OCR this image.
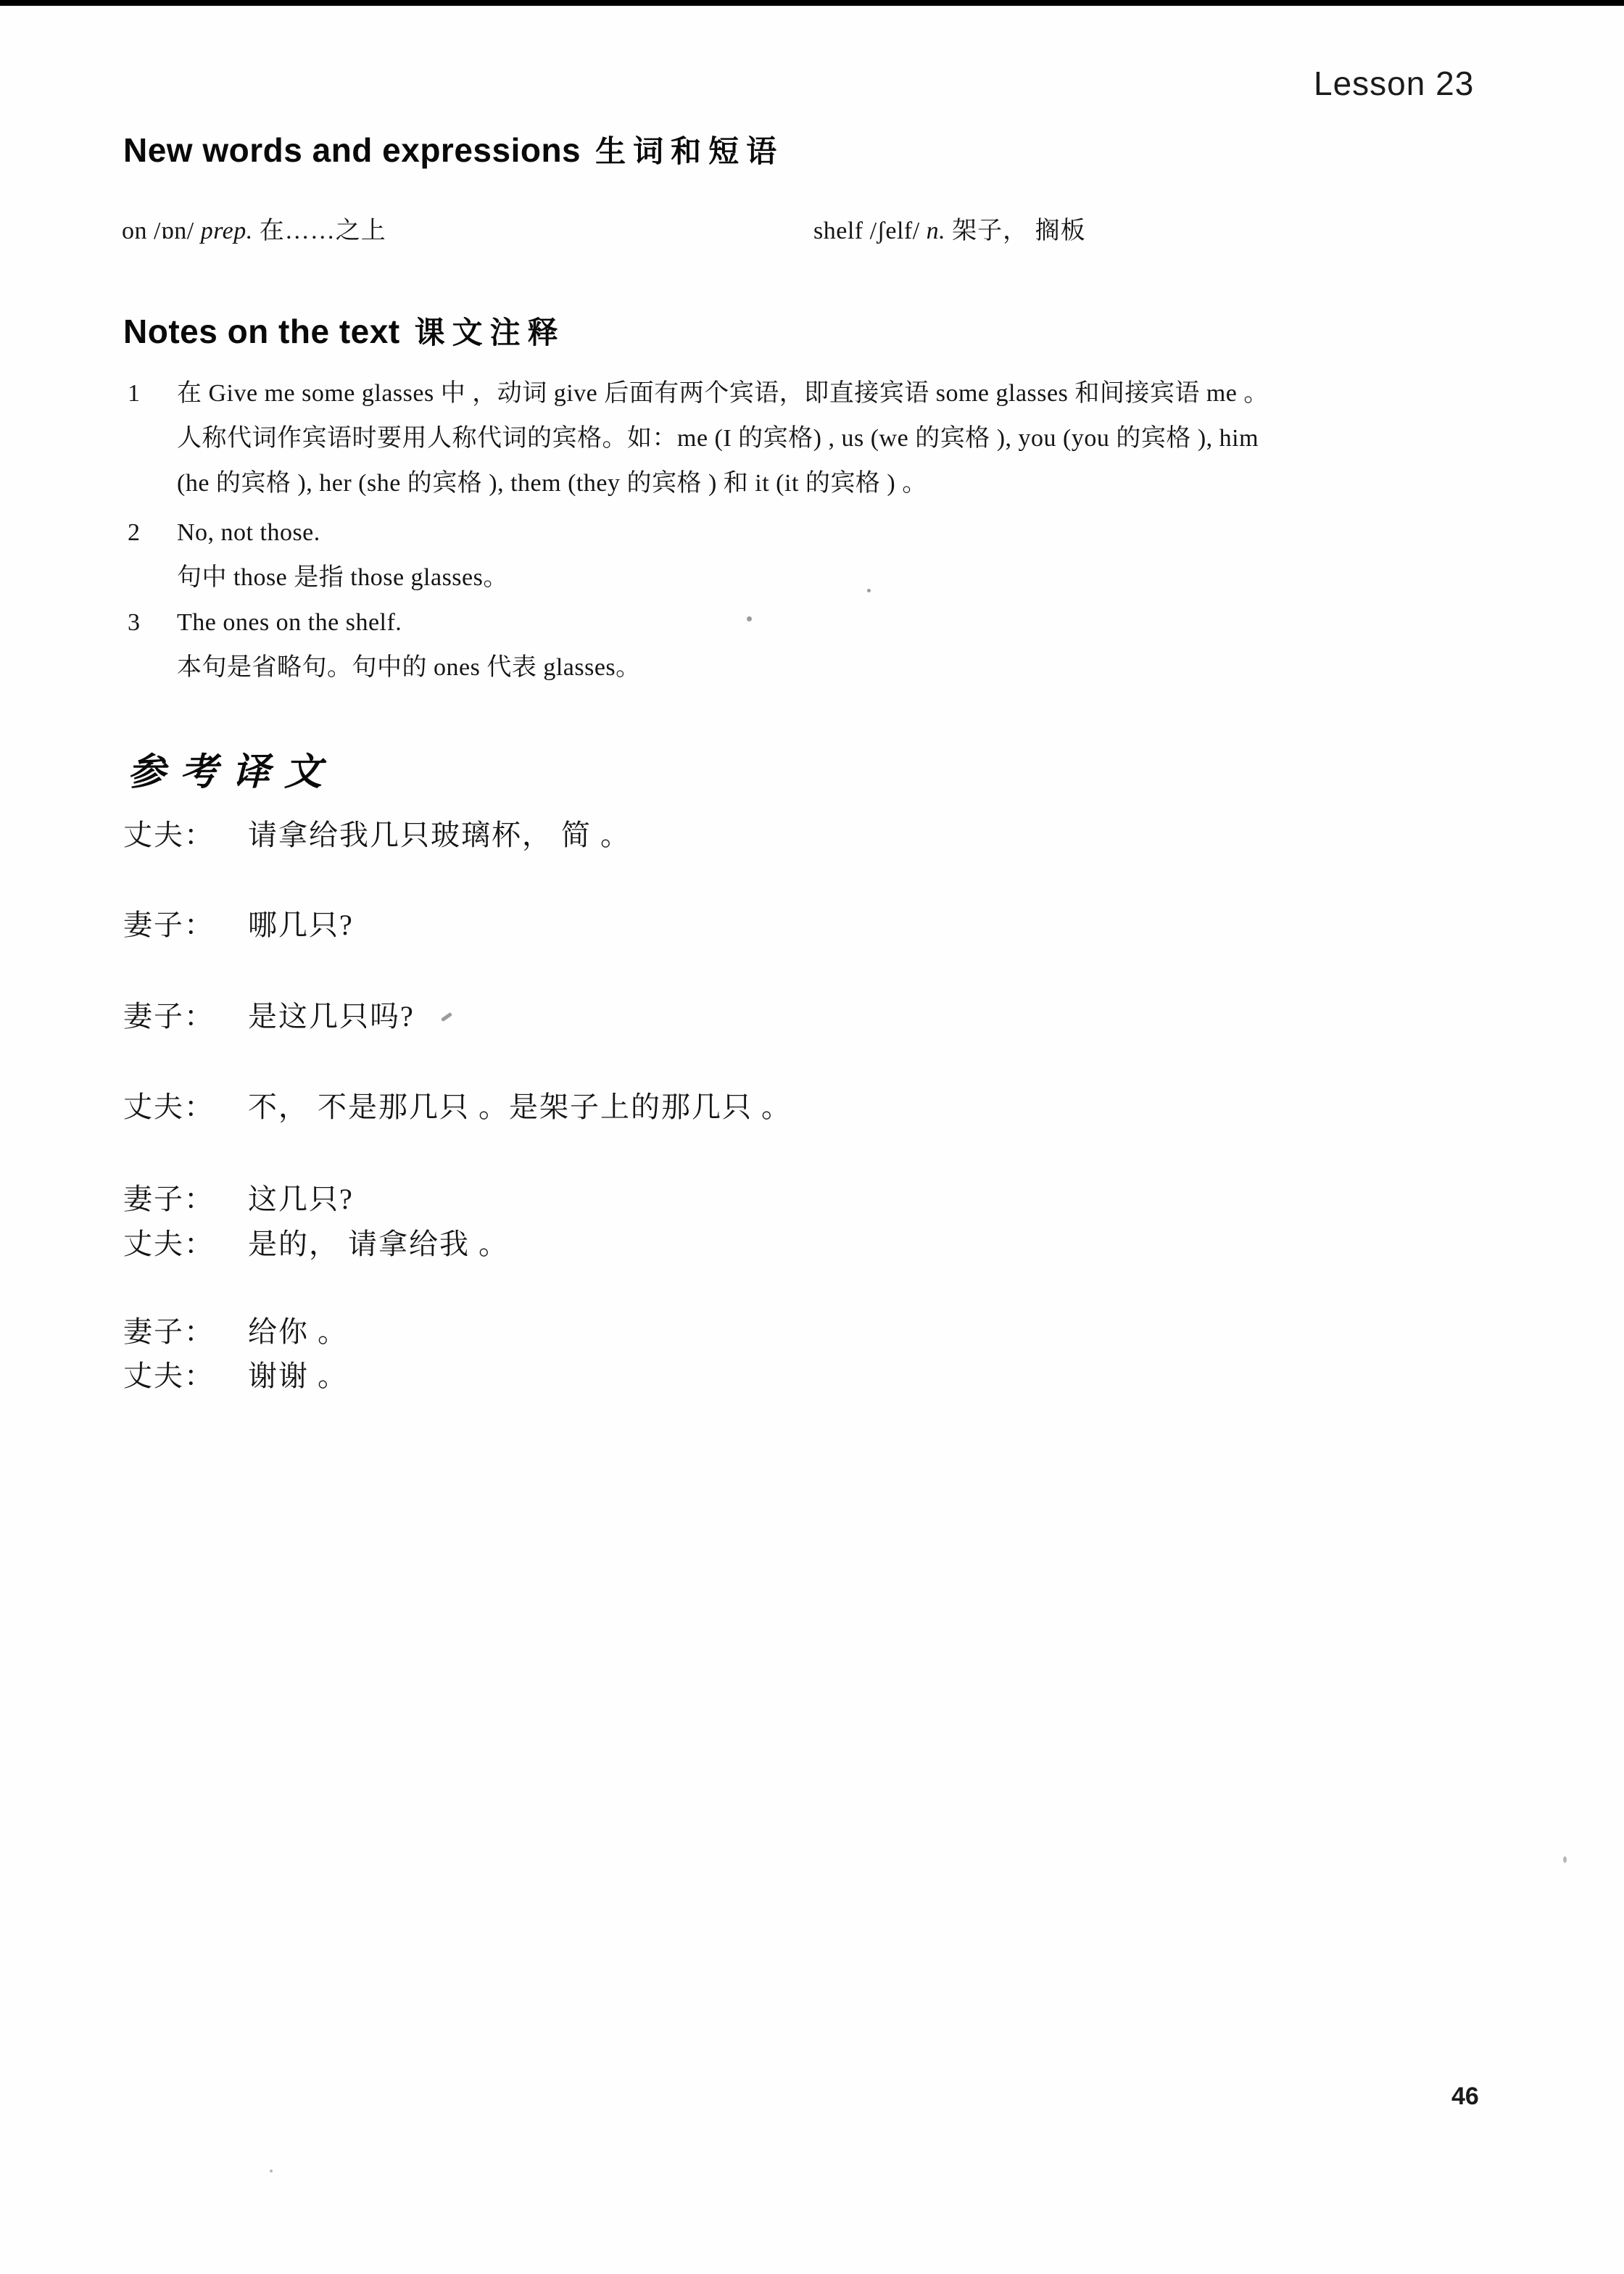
Lesson 23
New words and expressions 生词和短语
on /ɒn/ prep. 在……之上	shelf /ʃelf/ n. 架子， 搁板
Notes on the text 课文注释
1 在 Give me some glasses 中 ，动词 give 后面有两个宾语，即直接宾语 some glasses 和间接宾语 me 。
人称代词作宾语时要用人称代词的宾格。如：me (I 的宾格) , us (we 的宾格 ), you (you 的宾格 ), him
(he 的宾格 ), her (she 的宾格 ), them (they 的宾格 ) 和 it (it 的宾格 ) 。
2 No, not those.
句中 those 是指 those glasses。
3 The ones on the shelf.
本句是省略句。句中的 ones 代表 glasses。
参考译文
丈夫： 请拿给我几只玻璃杯， 简 。
妻子： 哪几只?
妻子： 是这几只吗?
丈夫： 不， 不是那几只 。是架子上的那几只 。
妻子： 这几只?
丈夫： 是的， 请拿给我 。
妻子： 给你 。
丈夫： 谢谢 。
46
